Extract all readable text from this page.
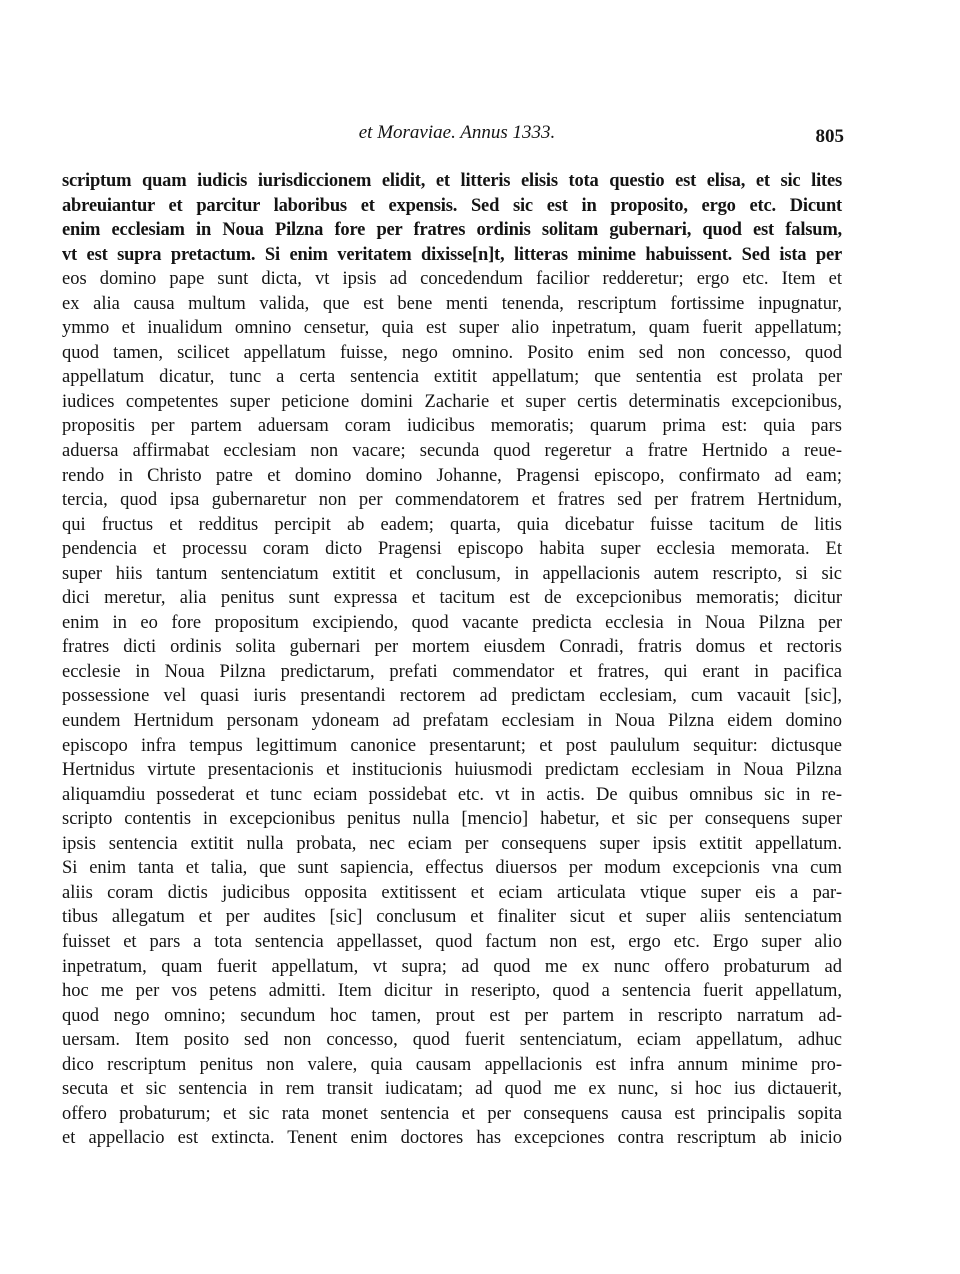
et Moraviae. Annus 1333.	805
scriptum quam iudicis iurisdiccionem elidit, et litteris elisis tota questio est elisa, et sic lites
abreuiantur et parcitur laboribus et expensis. Sed sic est in proposito, ergo etc. Dicunt
enim ecclesiam in Noua Pilzna fore per fratres ordinis solitam gubernari, quod est falsum,
vt est supra pretactum. Si enim veritatem dixisse[n]t, litteras minime habuissent. Sed ista per
eos domino pape sunt dicta, vt ipsis ad concedendum facilior redderetur; ergo etc. Item et
ex alia causa multum valida, que est bene menti tenenda, rescriptum fortissime inpugnatur,
ymmo et inualidum omnino censetur, quia est super alio inpetratum, quam fuerit appellatum;
quod tamen, scilicet appellatum fuisse, nego omnino. Posito enim sed non concesso, quod
appellatum dicatur, tunc a certa sentencia extitit appellatum; que sententia est prolata per
iudices competentes super peticione domini Zacharie et super certis determinatis excepcionibus,
propositis per partem aduersam coram iudicibus memoratis; quarum prima est: quia pars
aduersa affirmabat ecclesiam non vacare; secunda quod regeretur a fratre Hertnido a reue-
rendo in Christo patre et domino domino Johanne, Pragensi episcopo, confirmato ad eam;
tercia, quod ipsa gubernaretur non per commendatorem et fratres sed per fratrem Hertnidum,
qui fructus et redditus percipit ab eadem; quarta, quia dicebatur fuisse tacitum de litis
pendencia et processu coram dicto Pragensi episcopo habita super ecclesia memorata. Et
super hiis tantum sentenciatum extitit et conclusum, in appellacionis autem rescripto, si sic
dici meretur, alia penitus sunt expressa et tacitum est de excepcionibus memoratis; dicitur
enim in eo fore propositum excipiendo, quod vacante predicta ecclesia in Noua Pilzna per
fratres dicti ordinis solita gubernari per mortem eiusdem Conradi, fratris domus et rectoris
ecclesie in Noua Pilzna predictarum, prefati commendator et fratres, qui erant in pacifica
possessione vel quasi iuris presentandi rectorem ad predictam ecclesiam, cum vacauit [sic],
eundem Hertnidum personam ydoneam ad prefatam ecclesiam in Noua Pilzna eidem domino
episcopo infra tempus legittimum canonice presentarunt; et post paululum sequitur: dictusque
Hertnidus virtute presentacionis et institucionis huiusmodi predictam ecclesiam in Noua Pilzna
aliquamdiu possederat et tunc eciam possidebat etc. vt in actis. De quibus omnibus sic in re-
scripto contentis in excepcionibus penitus nulla [mencio] habetur, et sic per consequens super
ipsis sentencia extitit nulla probata, nec eciam per consequens super ipsis extitit appellatum.
Si enim tanta et talia, que sunt sapiencia, effectus diuersos per modum excepcionis vna cum
aliis coram dictis judicibus opposita extitissent et eciam articulata vtique super eis a par-
tibus allegatum et per audites [sic] conclusum et finaliter sicut et super aliis sentenciatum
fuisset et pars a tota sentencia appellasset, quod factum non est, ergo etc. Ergo super alio
inpetratum, quam fuerit appellatum, vt supra; ad quod me ex nunc offero probaturum ad
hoc me per vos petens admitti. Item dicitur in reseripto, quod a sentencia fuerit appellatum,
quod nego omnino; secundum hoc tamen, prout est per partem in rescripto narratum ad-
uersam. Item posito sed non concesso, quod fuerit sentenciatum, eciam appellatum, adhuc
dico rescriptum penitus non valere, quia causam appellacionis est infra annum minime pro-
secuta et sic sentencia in rem transit iudicatam; ad quod me ex nunc, si hoc ius dictauerit,
offero probaturum; et sic rata monet sentencia et per consequens causa est principalis sopita
et appellacio est extincta. Tenent enim doctores has excepciones contra rescriptum ab inicio
